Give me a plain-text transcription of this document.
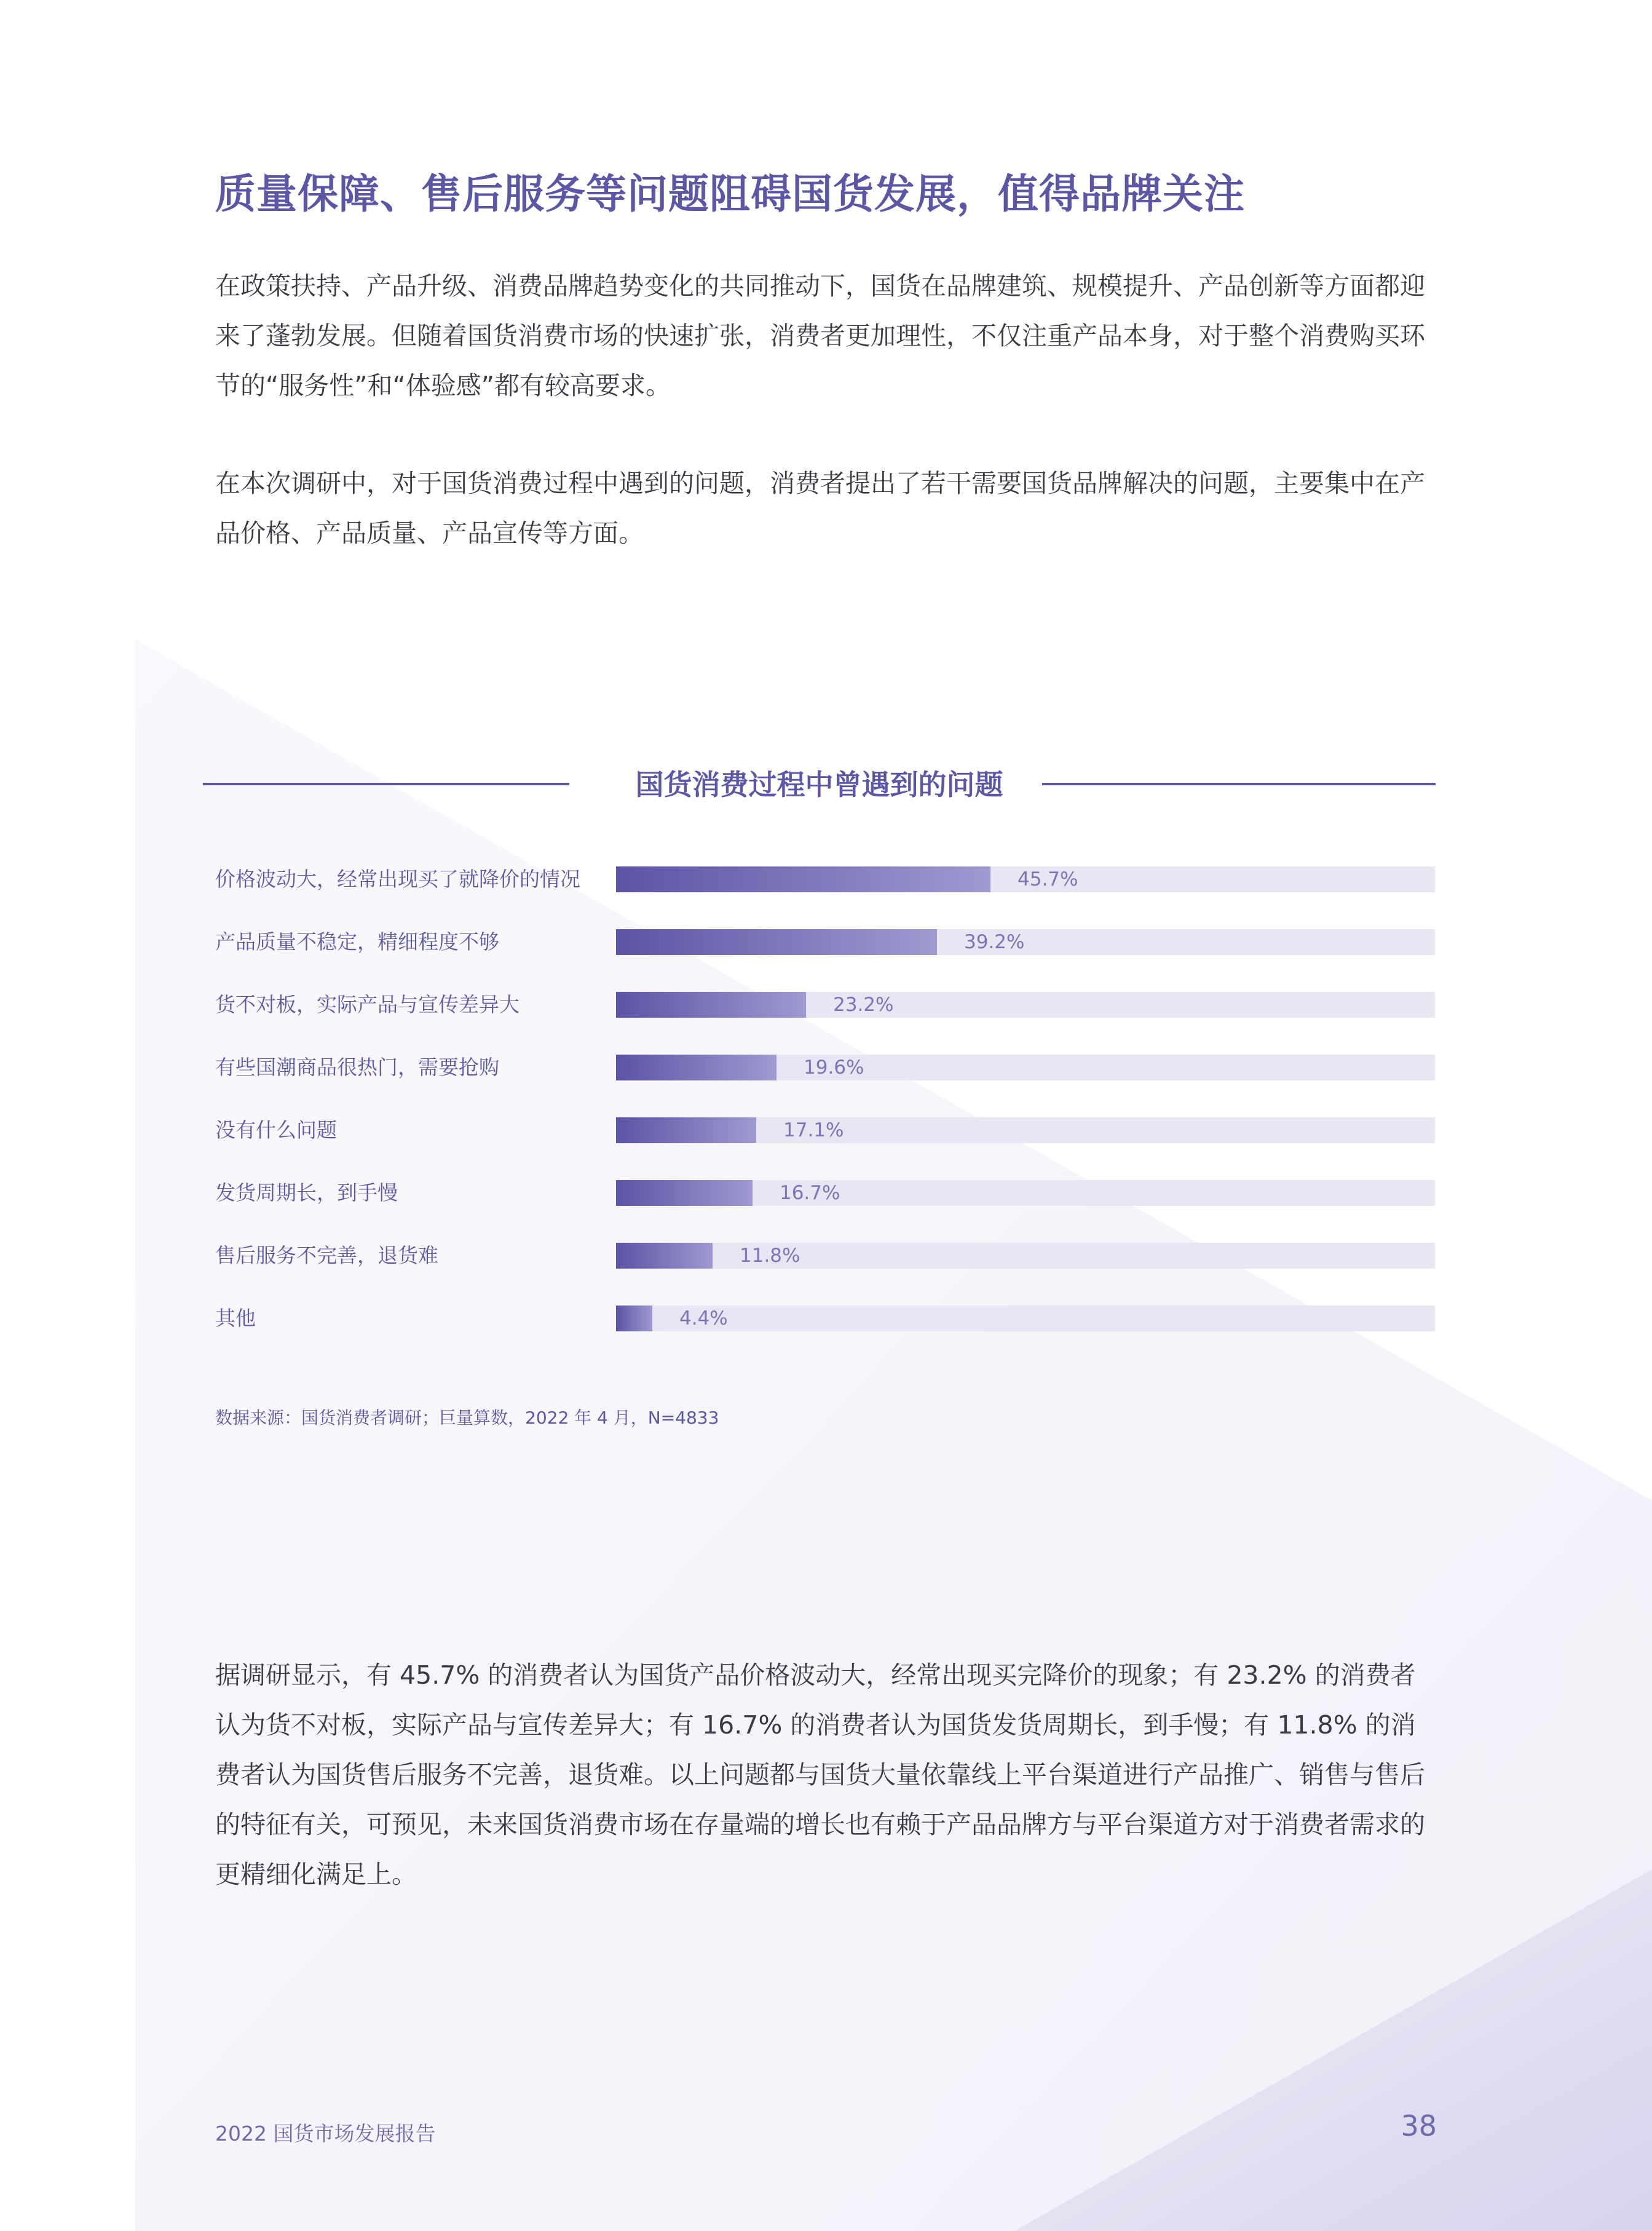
质量保障、售后服务等问题阻碍国货发展，值得品牌关注

在政策扶持、产品升级、消费品牌趋势变化的共同推动下，国货在品牌建筑、规模提升、产品创新等方面都迎来了蓬勃发展。但随着国货消费市场的快速扩张，消费者更加理性，不仅注重产品本身，对于整个消费购买环节的“服务性”和“体验感”都有较高要求。

在本次调研中，对于国货消费过程中遇到的问题，消费者提出了若干需要国货品牌解决的问题，主要集中在产品价格、产品质量、产品宣传等方面。

国货消费过程中曾遇到的问题
价格波动大，经常出现买了就降价的情况	45.7%
产品质量不稳定，精细程度不够	39.2%
货不对板，实际产品与宣传差异大	23.2%
有些国潮商品很热门，需要抢购	19.6%
没有什么问题	17.1%
发货周期长，到手慢	16.7%
售后服务不完善，退货难	11.8%
其他	4.4%
数据来源：国货消费者调研；巨量算数，2022 年 4 月，N=4833

据调研显示，有 45.7% 的消费者认为国货产品价格波动大，经常出现买完降价的现象；有 23.2% 的消费者认为货不对板，实际产品与宣传差异大；有 16.7% 的消费者认为国货发货周期长，到手慢；有 11.8% 的消费者认为国货售后服务不完善，退货难。以上问题都与国货大量依靠线上平台渠道进行产品推广、销售与售后的特征有关，可预见，未来国货消费市场在存量端的增长也有赖于产品品牌方与平台渠道方对于消费者需求的更精细化满足上。

2022 国货市场发展报告	38
